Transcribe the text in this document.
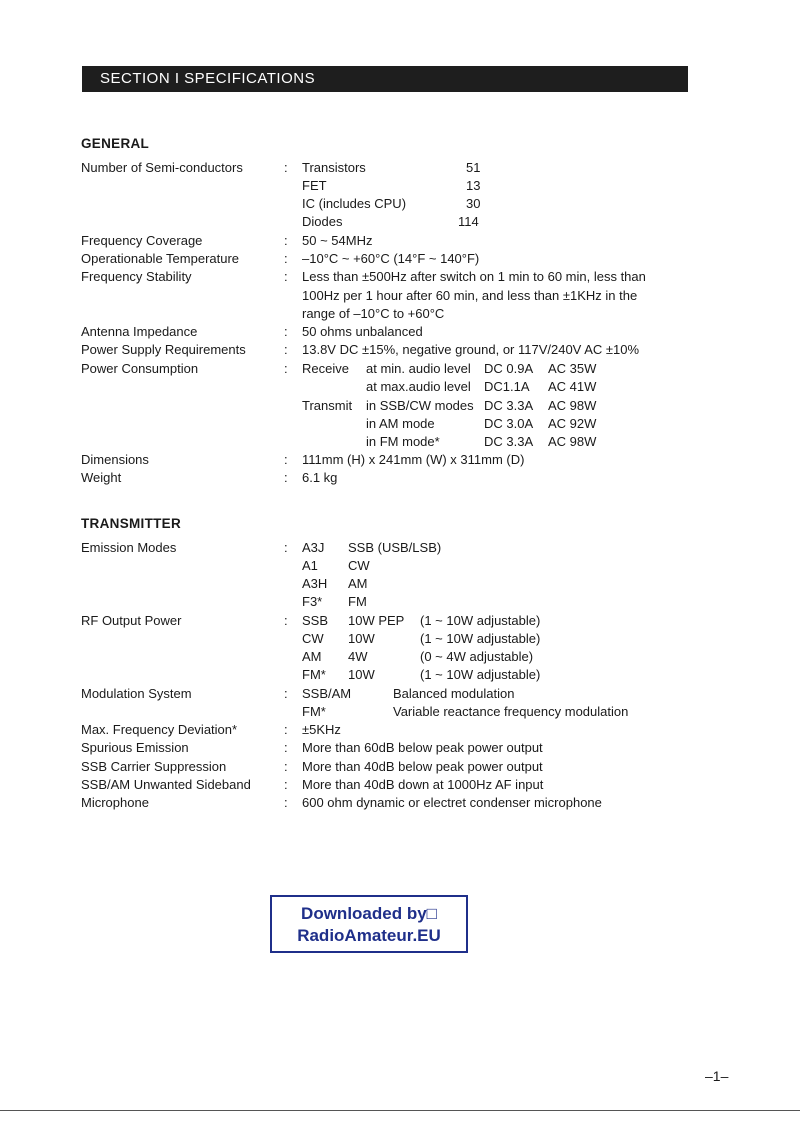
SECTION I SPECIFICATIONS
GENERAL
Number of Semi-conductors	: Transistors	51
FET	13
IC (includes CPU)	30
Diodes	114
Frequency Coverage	: 50 ~ 54MHz
Operationable Temperature	: –10°C ~ +60°C (14°F ~ 140°F)
Frequency Stability	: Less than ±500Hz after switch on 1 min to 60 min, less than
100Hz per 1 hour after 60 min, and less than ±1KHz in the
range of –10°C to +60°C
Antenna Impedance	: 50 ohms unbalanced
Power Supply Requirements	: 13.8V DC ±15%, negative ground, or 117V/240V AC ±10%
Power Consumption	: Receive at min. audio level DC 0.9A AC 35W
at max.audio level DC1.1A AC 41W
Transmit in SSB/CW modes DC 3.3A AC 98W
in AM mode	DC 3.0A AC 92W
in FM mode*	DC 3.3A AC 98W
Dimensions	: 111mm (H) x 241mm (W) x 311mm (D)
Weight	: 6.1 kg
TRANSMITTER
Emission Modes	: A3J SSB (USB/LSB)
A1 CW
A3H AM
F3* FM
RF Output Power	: SSB 10W PEP (1 ~ 10W adjustable)
CW 10W	(1 ~ 10W adjustable)
AM 4W	(0 ~ 4W adjustable)
FM* 10W	(1 ~ 10W adjustable)
Modulation System	: SSB/AM	Balanced modulation
FM*	Variable reactance frequency modulation
Max. Frequency Deviation*	: ±5KHz
Spurious Emission	: More than 60dB below peak power output
SSB Carrier Suppression	: More than 40dB below peak power output
SSB/AM Unwanted Sideband	: More than 40dB down at 1000Hz AF input
Microphone	: 600 ohm dynamic or electret condenser microphone
Downloaded by□
RadioAmateur.EU
–1–
